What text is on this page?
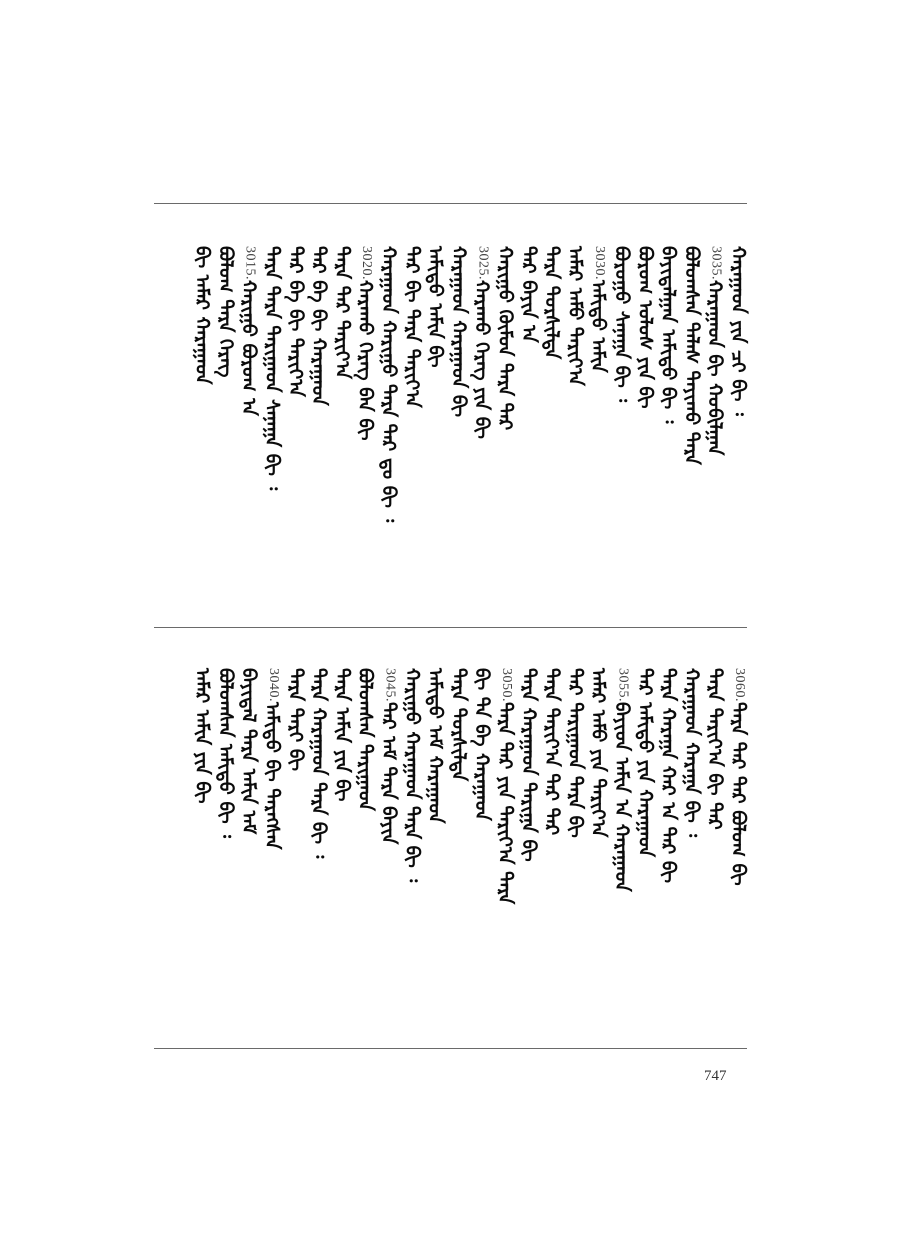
ᠬᠠᠷᠠᠭᠠᠳ ᠶᠢᠨ ᠴᠢ ᠪᠢ ᠄
3035.
ᠬᠠᠷᠠᠭᠠᠳ ᠪᠢ ᠬᠤᠪᠢᠯᠭᠠᠨ
ᠪᠣᠯᠤᠭᠰᠠᠨ ᠲᠠᠯᠠᠰ ᠲᠠᠶᠢᠬᠤ ᠲᠡᠷᠡ
ᠪᠠᠶᠢᠳᠠᠯᠭᠠᠨ ᠠᠮᠢᠳᠤ ᠪᠢ ᠄
ᠪᠤᠷᠤᠭ ᠤᠯᠤᠰ ᠶᠢᠨ ᠪᠢ
ᠪᠤᠷᠤᠭᠤ ᠰᠠᠨᠠᠭᠠ ᠪᠢ ᠄
3030.
ᠠᠮᠢᠳᠤ ᠠᠮᠢᠨ
ᠠᠮᠠᠷ ᠠᠮᠤ ᠲᠠᠷᠢᠶ᠎ᠠ
ᠲᠡᠷᠡ ᠲᠤᠷᠰᠢᠯᠲᠠ
ᠲᠡᠷ ᠪᠠᠶᠢᠨ ᠠ
ᠬᠠᠷᠢᠭᠤ ᠬᠦᠮᠦᠨ ᠲᠡᠷᠡ ᠲᠡᠷ
3025.
ᠬᠠᠷᠠᠬᠤ ᠬᠡᠷᠡᠭ ᠶᠢᠨ ᠪᠢ
ᠬᠠᠷᠠᠭᠠᠳ ᠬᠠᠷᠠᠭᠠᠳ ᠪᠢ
ᠠᠮᠢᠳᠤ ᠠᠮᠢᠨ ᠪᠢ
ᠲᠡᠷ ᠪᠢ ᠲᠡᠷᠡ ᠲᠠᠷᠢᠶ᠎ᠠ
ᠬᠠᠷᠠᠭᠠᠳ ᠬᠠᠷᠢᠭᠤ ᠲᠡᠷᠡ ᠲᠡᠷ ᠳᠤ ᠪᠢ ᠄
3020.
ᠬᠠᠷᠠᠬᠤ ᠬᠡᠷᠡᠭ ᠪᠠᠨ ᠪᠢ
ᠲᠡᠷᠡ ᠲᠡᠷ ᠲᠠᠷᠢᠶ᠎ᠠ
ᠲᠡᠷ ᠪᠠ ᠪᠢ ᠬᠠᠷᠠᠭᠠᠳ
ᠲᠡᠷ ᠪᠠ ᠪᠢ ᠲᠠᠷᠢᠶ᠎ᠠ
ᠲᠡᠷᠡ ᠲᠡᠷᠡ ᠲᠠᠷᠢᠭᠠᠳ ᠰᠠᠨᠠᠭᠠ ᠪᠢ ᠄
3015.
ᠬᠠᠷᠢᠭᠤ ᠪᠤᠷᠤᠭ ᠠ
ᠪᠤᠯᠤᠭ ᠲᠡᠷᠡ ᠬᠡᠷᠡᠭ
ᠪᠢ ᠠᠮᠠᠷ ᠬᠠᠷᠠᠭᠠᠳ
3060.
ᠲᠡᠷᠡ ᠲᠡᠷ ᠲᠡᠷ ᠪᠣᠯᠤᠭ ᠪᠢ
ᠲᠡᠷᠡ ᠲᠠᠷᠢᠶ᠎ᠠ ᠪᠢ ᠲᠡᠷ
ᠬᠠᠷᠠᠭᠠᠳ ᠬᠠᠷᠠᠭᠠ ᠪᠢ ᠄
ᠲᠡᠷᠡ ᠬᠠᠷᠠᠭᠠ ᠬᠠᠷ ᠠ ᠲᠡᠷ ᠪᠢ
ᠲᠡᠷ ᠠᠮᠢᠳᠤ ᠶᠢᠨ ᠬᠠᠷᠠᠭᠠᠳ
3055.
ᠪᠠᠶᠢᠳ ᠠᠮᠢᠨ ᠠ ᠬᠠᠷᠠᠭᠠᠳ
ᠠᠮᠠᠷ ᠠᠮᠤ ᠶᠢᠨ ᠲᠠᠷᠢᠶ᠎ᠠ
ᠲᠡᠷ ᠲᠠᠷᠢᠭᠠᠳ ᠲᠡᠷᠡ ᠪᠢ
ᠲᠡᠷᠡ ᠲᠠᠷᠢᠶ᠎ᠠ ᠲᠡᠷ ᠲᠠᠷ
ᠲᠡᠷᠡ ᠬᠠᠷᠠᠭᠠᠳ ᠲᠠᠷᠢᠭᠠ ᠪᠢ
3050.
ᠲᠡᠷᠡ ᠲᠡᠷ ᠶᠢᠨ ᠲᠠᠷᠢᠶ᠎ᠠ ᠲᠡᠷᠡ
ᠪᠢ ᠲᠡ ᠪᠠ ᠬᠠᠷᠠᠭᠠᠳ
ᠲᠡᠷᠡ ᠲᠤᠷᠰᠢᠯᠲᠠ
ᠠᠮᠢᠳᠤ ᠠᠮ ᠬᠠᠷᠠᠭᠠᠳ
ᠬᠠᠷᠢᠭᠤ ᠬᠠᠷᠠᠭᠠᠳ ᠲᠡᠷᠡ ᠪᠢ ᠄
3045.
ᠲᠡᠷ ᠠᠮ ᠲᠡᠷᠡ ᠪᠠᠶᠢᠨ
ᠪᠣᠯᠤᠭᠰᠠᠨ ᠲᠠᠷᠢᠭᠠᠳ
ᠲᠡᠷᠡ ᠠᠮᠢᠨ ᠶᠢᠨ ᠪᠢ
ᠲᠡᠷᠡ ᠬᠠᠷᠠᠭᠠᠳ ᠲᠡᠷᠡ ᠪᠢ ᠄
ᠲᠡᠷᠡ ᠲᠠᠷᠢ ᠪᠢ
3040.
ᠠᠮᠢᠳᠤ ᠪᠢ ᠲᠡᠷᠡᠭᠰᠡᠨ
ᠪᠠᠶᠢᠳᠠᠯ ᠲᠡᠷᠡ ᠠᠮᠢᠨ ᠠᠮ
ᠪᠣᠯᠤᠭᠰᠠᠨ ᠠᠮᠢᠳᠤ ᠪᠢ ᠄
ᠠᠮᠠᠷ ᠠᠮᠢᠨ ᠶᠢᠨ ᠪᠢ
747
